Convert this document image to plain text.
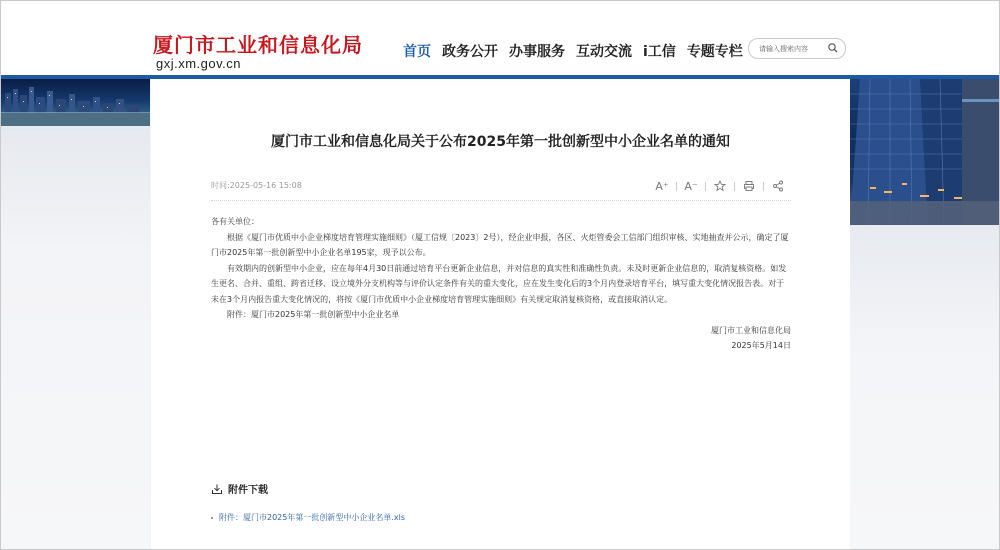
厦门市工业和信息化局
gxj.xm.gov.cn
首页 政务公开 办事服务 互动交流 i工信 专题专栏
请输入搜索内容
厦门市工业和信息化局关于公布2025年第一批创新型中小企业名单的通知
时间:2025-05-16 15:08	A⁺ A⁻

各有关单位：

根据《厦门市优质中小企业梯度培育管理实施细则》（厦工信规〔2023〕2号），经企业申报，各区、火炬管委会工信部门组织审核、实地抽查并公示，确定了厦门市2025年第一批创新型中小企业名单195家，现予以公布。

有效期内的创新型中小企业，应在每年4月30日前通过培育平台更新企业信息，并对信息的真实性和准确性负责。未及时更新企业信息的，取消复核资格。如发生更名、合并、重组、跨省迁移、设立境外分支机构等与评价认定条件有关的重大变化，应在发生变化后的3个月内登录培育平台，填写重大变化情况报告表。对于未在3个月内报告重大变化情况的，将按《厦门市优质中小企业梯度培育管理实施细则》有关规定取消复核资格，或直接取消认定。

附件：厦门市2025年第一批创新型中小企业名单

厦门市工业和信息化局

2025年5月14日

附件下载
附件：厦门市2025年第一批创新型中小企业名单.xls
